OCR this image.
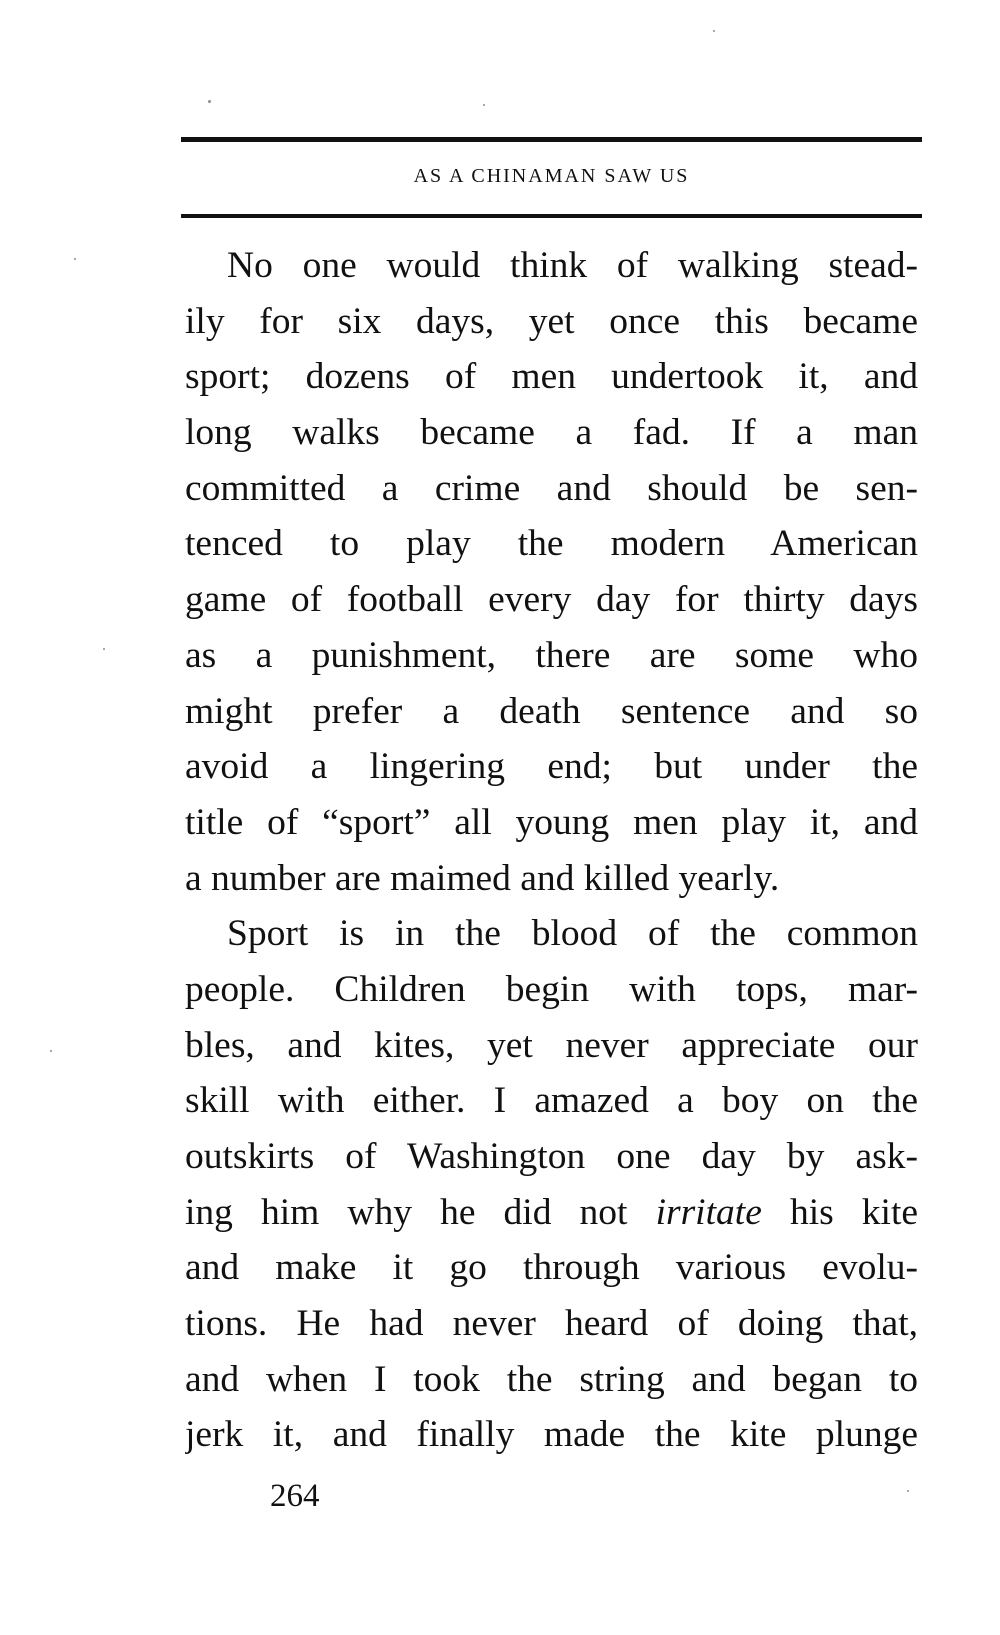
AS A CHINAMAN SAW US
No one would think of walking stead-
ily for six days, yet once this became
sport; dozens of men undertook it, and
long walks became a fad. If a man
committed a crime and should be sen-
tenced to play the modern American
game of football every day for thirty days
as a punishment, there are some who
might prefer a death sentence and so
avoid a lingering end; but under the
title of “sport” all young men play it, and
a number are maimed and killed yearly.
Sport is in the blood of the common
people. Children begin with tops, mar-
bles, and kites, yet never appreciate our
skill with either. I amazed a boy on the
outskirts of Washington one day by ask-
ing him why he did not irritate his kite
and make it go through various evolu-
tions. He had never heard of doing that,
and when I took the string and began to
jerk it, and finally made the kite plunge
264
